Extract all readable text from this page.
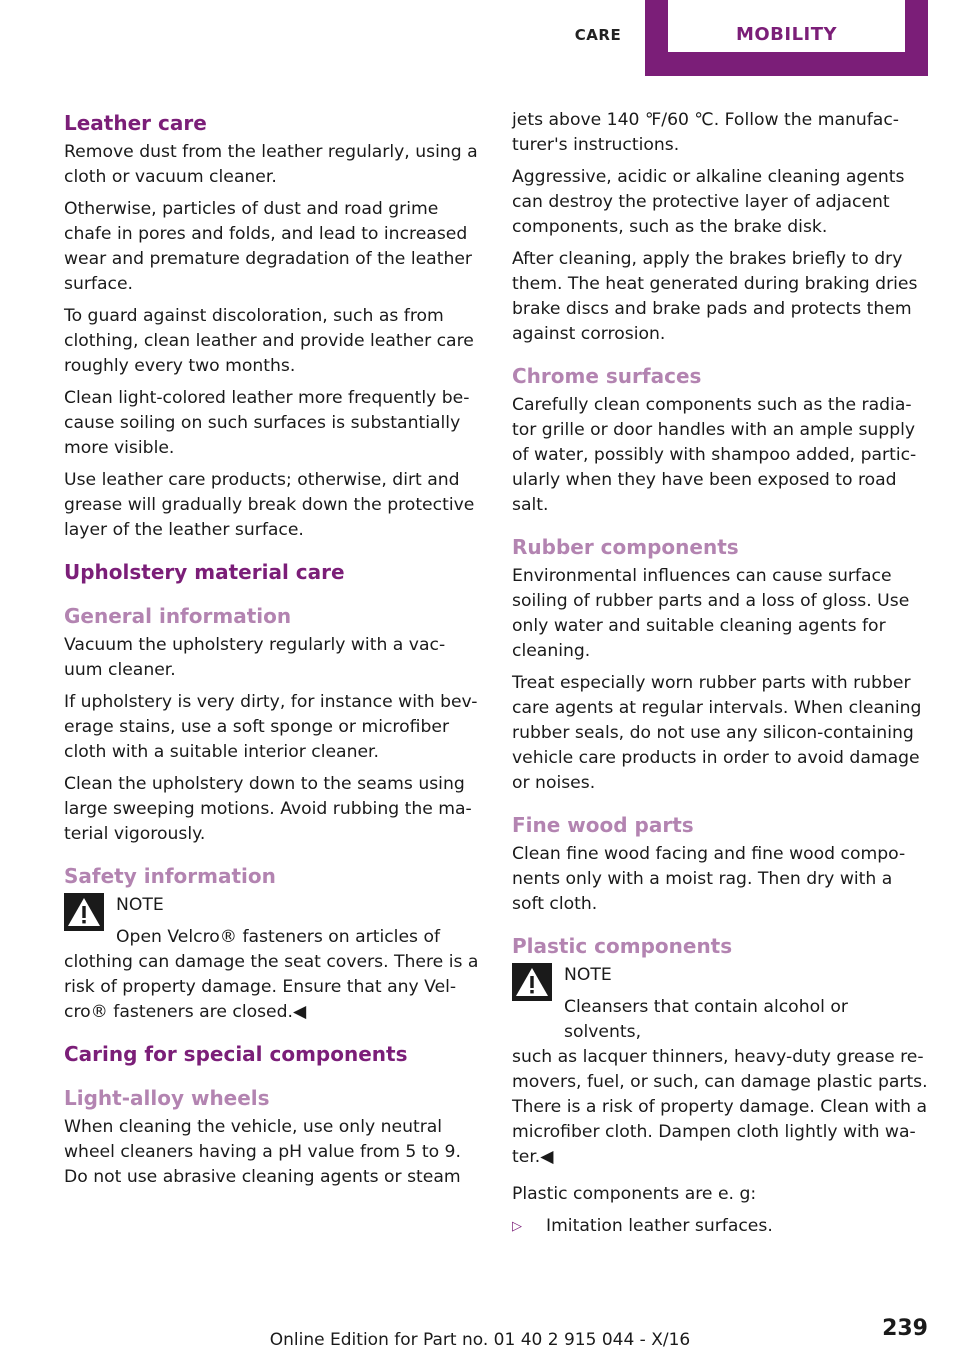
CARE	MOBILITY
Leather care

Remove dust from the leather regularly, using a cloth or vacuum cleaner.

Otherwise, particles of dust and road grime chafe in pores and folds, and lead to increased wear and premature degradation of the leather surface.

To guard against discoloration, such as from clothing, clean leather and provide leather care roughly every two months.

Clean light-colored leather more frequently be-cause soiling on such surfaces is substantially more visible.

Use leather care products; otherwise, dirt and grease will gradually break down the protective layer of the leather surface.

Upholstery material care
General information

Vacuum the upholstery regularly with a vac-uum cleaner.

If upholstery is very dirty, for instance with bev-erage stains, use a soft sponge or microfiber cloth with a suitable interior cleaner.

Clean the upholstery down to the seams using large sweeping motions. Avoid rubbing the ma-terial vigorously.

Safety information
NOTE
Open Velcro® fasteners on articles of
clothing can damage the seat covers. There is a risk of property damage. Ensure that any Vel-cro® fasteners are closed.◀
Caring for special components
Light-alloy wheels

When cleaning the vehicle, use only neutral wheel cleaners having a pH value from 5 to 9. Do not use abrasive cleaning agents or steam

jets above 140 ℉/60 ℃. Follow the manufac-turer's instructions.

Aggressive, acidic or alkaline cleaning agents can destroy the protective layer of adjacent components, such as the brake disk.

After cleaning, apply the brakes briefly to dry them. The heat generated during braking dries brake discs and brake pads and protects them against corrosion.

Chrome surfaces

Carefully clean components such as the radia-tor grille or door handles with an ample supply of water, possibly with shampoo added, partic-ularly when they have been exposed to road salt.

Rubber components

Environmental influences can cause surface soiling of rubber parts and a loss of gloss. Use only water and suitable cleaning agents for cleaning.

Treat especially worn rubber parts with rubber care agents at regular intervals. When cleaning rubber seals, do not use any silicon-containing vehicle care products in order to avoid damage or noises.

Fine wood parts

Clean fine wood facing and fine wood compo-nents only with a moist rag. Then dry with a soft cloth.

Plastic components
NOTE
Cleansers that contain alcohol or solvents,
such as lacquer thinners, heavy-duty grease re-movers, fuel, or such, can damage plastic parts. There is a risk of property damage. Clean with a microfiber cloth. Dampen cloth lightly with wa-ter.◀

Plastic components are e. g:

▷	Imitation leather surfaces.
239
Online Edition for Part no. 01 40 2 915 044 - X/16
